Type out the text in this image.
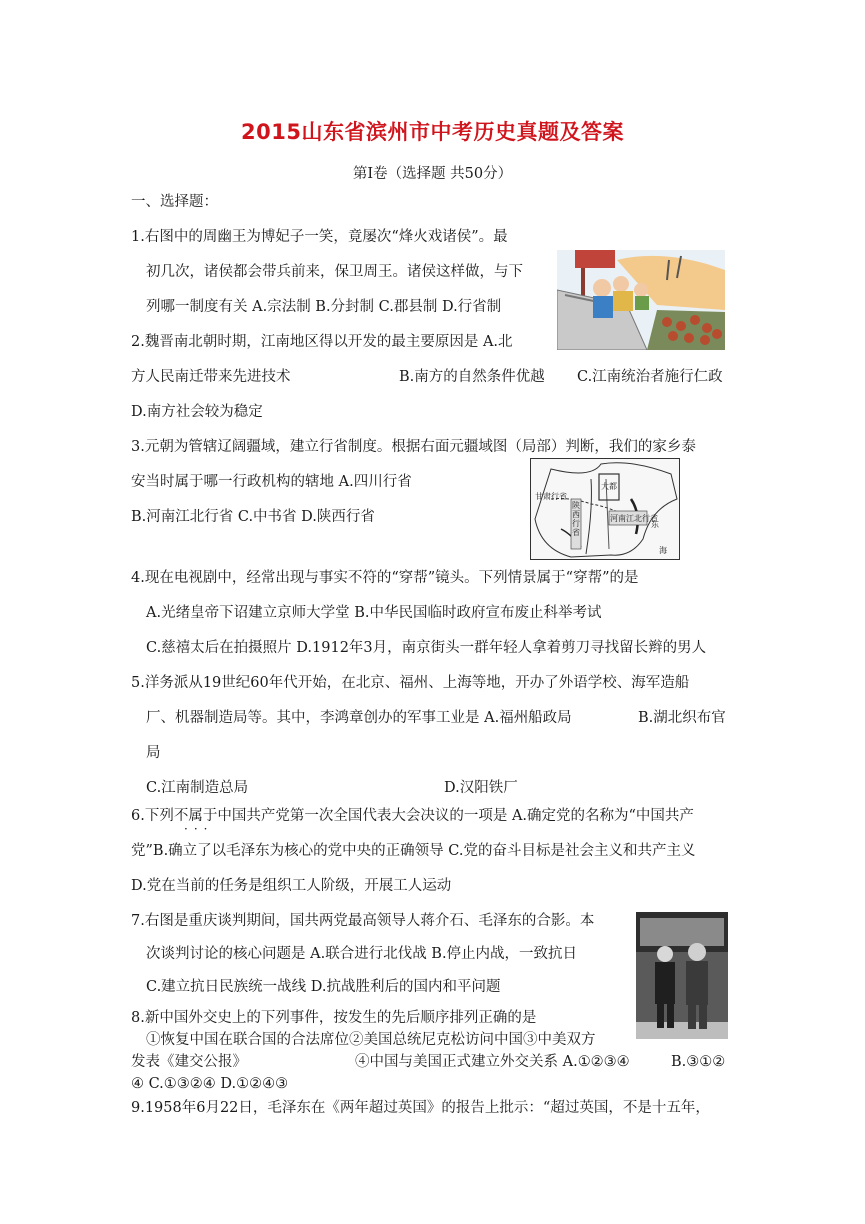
2015山东省滨州市中考历史真题及答案
第Ⅰ卷（选择题 共50分）
一、选择题：
1.右图中的周幽王为博妃子一笑，竟屡次“烽火戏诸侯”。最
初几次，诸侯都会带兵前来，保卫周王。诸侯这样做，与下
列哪一制度有关 A.宗法制 B.分封制 C.郡县制 D.行省制
2.魏晋南北朝时期，江南地区得以开发的最主要原因是 A.北
方人民南迁带来先进技术	B.南方的自然条件优越 C.江南统治者施行仁政
D.南方社会较为稳定
3.元朝为管辖辽阔疆域，建立行省制度。根据右面元疆域图（局部）判断，我们的家乡泰
安当时属于哪一行政机构的辖地 A.四川行省
B.河南江北行省 C.中书省 D.陕西行省
甘肃行省
陕西行省
河南江北行省
大都
东
海
4.现在电视剧中，经常出现与事实不符的“穿帮”镜头。下列情景属于“穿帮”的是
A.光绪皇帝下诏建立京师大学堂 B.中华民国临时政府宣布废止科举考试
C.慈禧太后在拍摄照片 D.1912年3月，南京街头一群年轻人拿着剪刀寻找留长辫的男人
5.洋务派从19世纪60年代开始，在北京、福州、上海等地，开办了外语学校、海军造船
厂、机器制造局等。其中，李鸿章创办的军事工业是 A.福州船政局	B.湖北织布官
局
C.江南制造总局	D.汉阳铁厂
6.下列不属于中国共产党第一次全国代表大会决议的一项是 A.确定党的名称为“中国共产
···
党”B.确立了以毛泽东为核心的党中央的正确领导 C.党的奋斗目标是社会主义和共产主义
D.党在当前的任务是组织工人阶级，开展工人运动
7.右图是重庆谈判期间，国共两党最高领导人蒋介石、毛泽东的合影。本
次谈判讨论的核心问题是 A.联合进行北伐战 B.停止内战，一致抗日
C.建立抗日民族统一战线 D.抗战胜利后的国内和平问题
8.新中国外交史上的下列事件，按发生的先后顺序排列正确的是
①恢复中国在联合国的合法席位②美国总统尼克松访问中国③中美双方
发表《建交公报》	④中国与美国正式建立外交关系 A.①②③④	B.③①②
④ C.①③②④ D.①②④③
9.1958年6月22日，毛泽东在《两年超过英国》的报告上批示：“超过英国，不是十五年，
